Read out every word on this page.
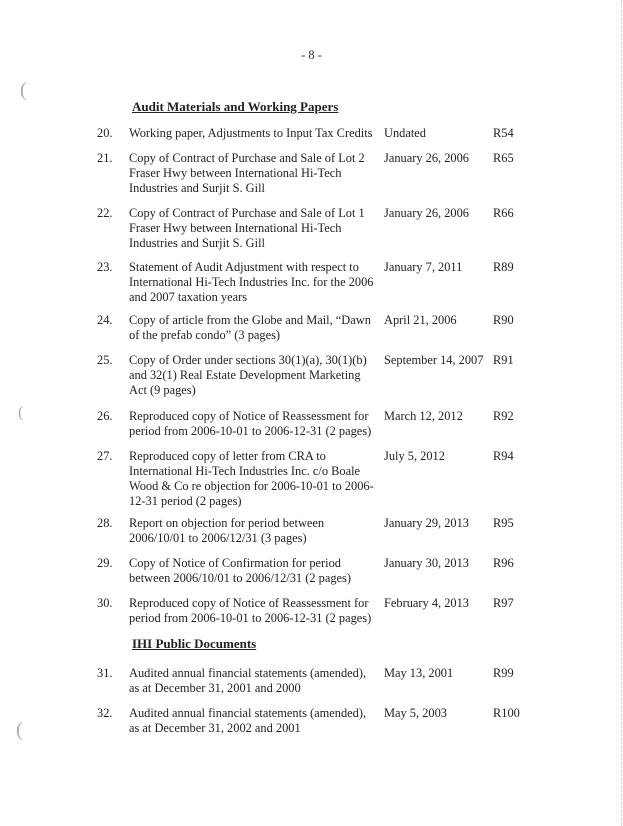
(
(
(
- 8 -
Audit Materials and Working Papers
20. Working paper, Adjustments to Input Tax Credits Undated	R54
21. Copy of Contract of Purchase and Sale of Lot 2 Fraser Hwy between International Hi-Tech Industries and Surjit S. Gill
January 26, 2006 R65
22. Copy of Contract of Purchase and Sale of Lot 1 Fraser Hwy between International Hi-Tech Industries and Surjit S. Gill
January 26, 2006 R66
23. Statement of Audit Adjustment with respect to International Hi-Tech Industries Inc. for the 2006 and 2007 taxation years
January 7, 2011 R89
24. Copy of article from the Globe and Mail, “Dawn of the prefab condo” (3 pages)
April 21, 2006	R90
25. Copy of Order under sections 30(1)(a), 30(1)(b) and 32(1) Real Estate Development Marketing Act (9 pages)
September 14, 2007 R91
26. Reproduced copy of Notice of Reassessment for period from 2006-10-01 to 2006-12-31 (2 pages)
March 12, 2012 R92
27. Reproduced copy of letter from CRA to International Hi-Tech Industries Inc. c/o Boale Wood & Co re objection for 2006-10-01 to 2006-12-31 period (2 pages)
July 5, 2012	R94
28. Report on objection for period between 2006/10/01 to 2006/12/31 (3 pages)
January 29, 2013 R95
29. Copy of Notice of Confirmation for period between 2006/10/01 to 2006/12/31 (2 pages)
January 30, 2013 R96
30. Reproduced copy of Notice of Reassessment for period from 2006-10-01 to 2006-12-31 (2 pages)
February 4, 2013 R97
IHI Public Documents
31. Audited annual financial statements (amended), as at December 31, 2001 and 2000
May 13, 2001	R99
32. Audited annual financial statements (amended), as at December 31, 2002 and 2001
May 5, 2003	R100
